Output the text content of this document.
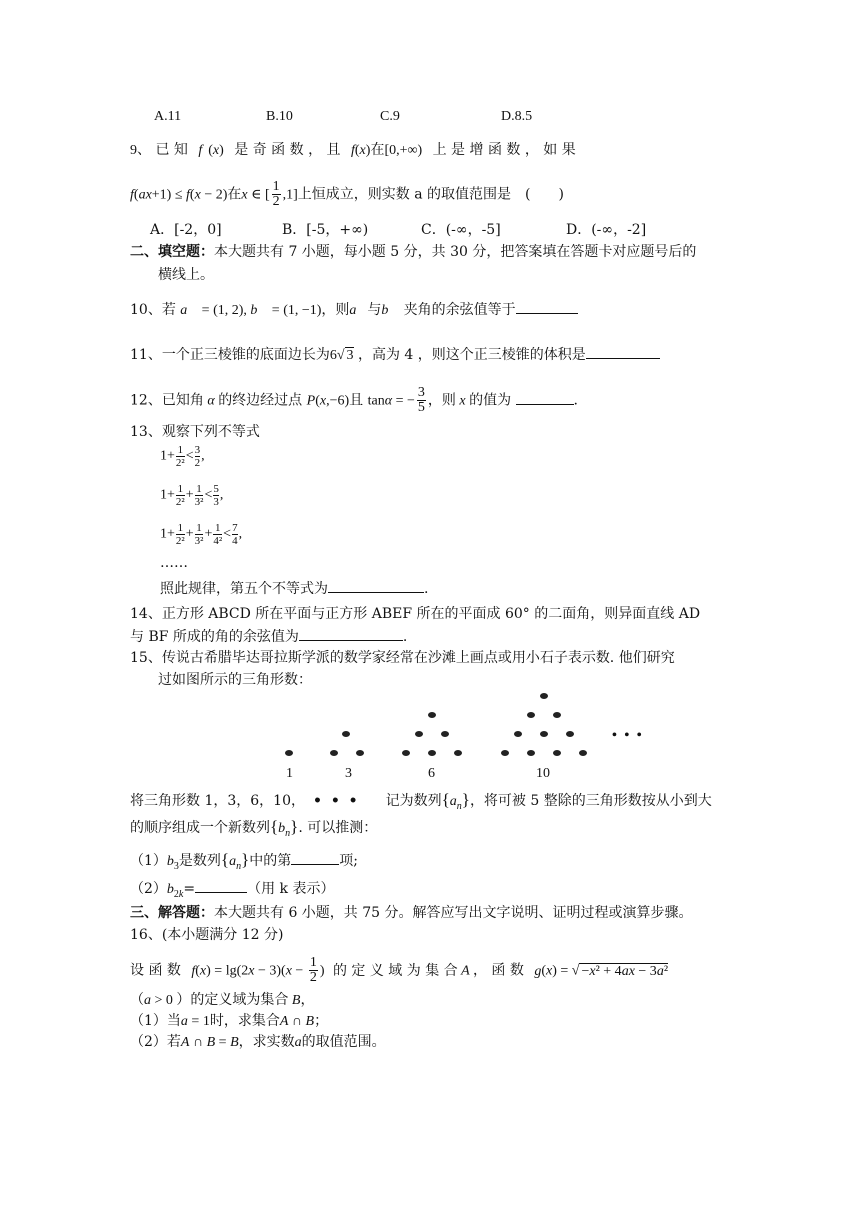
A.11	B.10	C.9	D.8.5
9、 已 知 f (x) 是 奇 函 数 ， 且 f(x)在[0,+∞) 上 是 增 函 数 ， 如 果
f(ax+1) ≤ f(x − 2)在x ∈ [ $\frac{1}{2} ,1$]上恒成立，则实数 a 的取值范围是　(　　)
A．[-2，0]	B．[-5，+∞)	C．(-∞，-5]	D．(-∞，-2]
二、填空题：本大题共有 7 小题，每小题 5 分，共 30 分，把答案填在答题卡对应题号后的
横线上。
10、若 a⃗ = (1, 2), b⃗ = (1, −1)，则a⃗与b⃗ 夹角的余弦值等于
11、一个正三棱锥的底面边长为6√ 3 ，高为 4 ，则这个正三棱锥的体积是
12、已知角 α 的终边经过点 P(x,−6)且 tanα = − $\frac{3}{5}$ ，则 x 的值为	.
13、观察下列不等式
$1+ \frac{1}{\text{2²}} < \frac{3}{2}$ ,
$1+ \frac{1}{\text{2²}} + \frac{1}{\text{3²}} < \frac{5}{3}$ ,
$1+ \frac{1}{\text{2²}} + \frac{1}{\text{3²}} + \frac{1}{\text{4²}} < \frac{7}{4}$ ,
……
照此规律，第五个不等式为	.
14、正方形 ABCD 所在平面与正方形 ABEF 所在的平面成 60° 的二面角，则异面直线 AD
与 BF 所成的角的余弦值为	.
15、传说古希腊毕达哥拉斯学派的数学家经常在沙滩上画点或用小石子表示数. 他们研究
过如图所示的三角形数：
1	3	6	10
• • •
将三角形数 1，3，6，10， • • • 记为数列$\{a_n\}$，将可被 5 整除的三角形数按从小到大
的顺序组成一个新数列$\{b_n\}$. 可以推测：
$(1)b_3$是数列$\{a_n\}$中的第	项;
$(2)b_{2k}=$	（用 k 表示）
三、解答题：本大题共有 6 小题，共 75 分。解答应写出文字说明、证明过程或演算步骤。
16、(本小题满分 12 分)
设 函 数 $f(x) = \lg(2x - 3)(x - \frac{1}{2}$ ) 的 定 义 域 为 集 合 A ， 函 数 g(x) = √ −x² + 4ax − 3a²
（a > 0 ）的定义域为集合 B，
（1）当a = 1时，求集合A ∩ B；
（2）若A ∩ B = B，求实数a的取值范围。
